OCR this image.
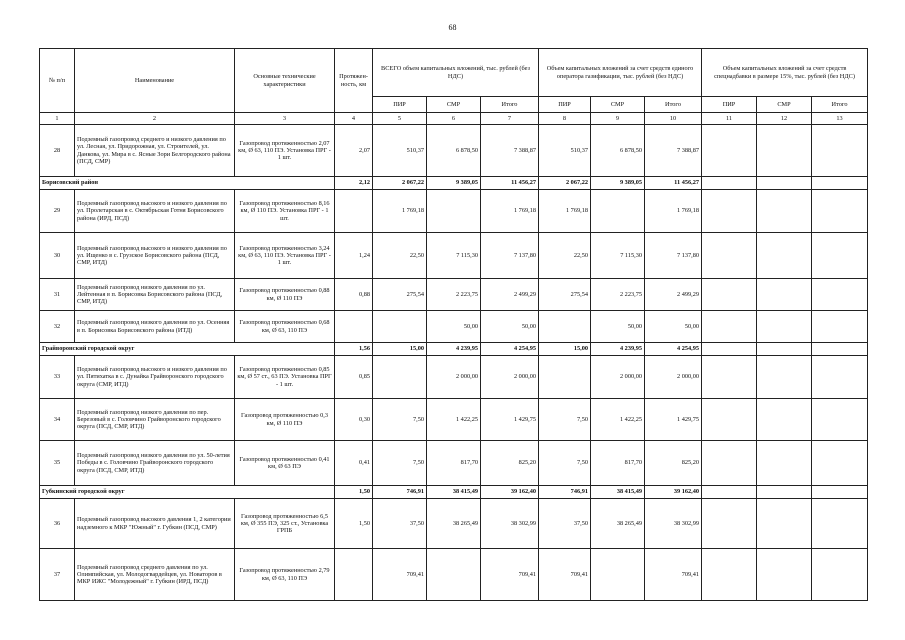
68
№ п/п	Наименование	Основные технические характеристики	Протяжен-ность, км	ВСЕГО объем капитальных вложений, тыс. рублей (без НДС)			Объем капитальных вложений за счет средств единого оператора газификации, тыс. рублей (без НДС)			Объем капитальных вложений за счет средств спецнадбавки в размере 15%, тыс. рублей (без НДС)		
				ПИР	СМР	Итого	ПИР	СМР	Итого	ПИР	СМР	Итого
1	2	3	4	5	6	7	8	9	10	11	12	13
28	Подземный газопровод среднего и низкого давления по ул. Лесная, ул. Придорожная, ул. Строителей, ул. Данкова, ул. Мира в с. Ясные Зори Белгородского района (ПСД, СМР)	Газопровод протяженностью 2,07 км, Ø 63, 110 ПЭ. Установка ПРГ - 1 шт.	2,07	510,37	6 878,50	7 388,87	510,37	6 878,50	7 388,87			
Борисовский район			2,12	2 067,22	9 389,05	11 456,27	2 067,22	9 389,05	11 456,27			
29	Подземный газопровод высокого и низкого давления по ул. Пролетарская в с. Октябрьская Готня Борисовского района (ИРД, ПСД)	Газопровод протяженностью 8,16 км, Ø 110 ПЭ. Установка ПРГ - 1 шт.		1 769,18		1 769,18	1 769,18		1 769,18			
30	Подземный газопровод высокого и низкого давления по ул. Ищенко в с. Грузское Борисовского района (ПСД, СМР, ИТД)	Газопровод протяженностью 3,24 км, Ø 63, 110 ПЭ. Установка ПРГ - 1 шт.	1,24	22,50	7 115,30	7 137,80	22,50	7 115,30	7 137,80			
31	Подземный газопровод низкого давления по ул. Лейтенная в п. Борисовка Борисовского района (ПСД, СМР, ИТД)	Газопровод протяженностью 0,88 км, Ø 110 ПЭ	0,88	275,54	2 223,75	2 499,29	275,54	2 223,75	2 499,29			
32	Подземный газопровод низкого давления по ул. Осенняя в п. Борисовка Борисовского района (ИТД)	Газопровод протяженностью 0,68 км, Ø 63, 110 ПЭ			50,00	50,00		50,00	50,00			
Грайворонский городской округ			1,56	15,00	4 239,95	4 254,95	15,00	4 239,95	4 254,95			
33	Подземный газопровод высокого и низкого давления по ул. Пятихатка в с. Дунайка Грайворонского городского округа (СМР, ИТД)	Газопровод протяженностью 0,85 км, Ø 57 ст., 63 ПЭ. Установка ПРГ - 1 шт.	0,85		2 000,00	2 000,00		2 000,00	2 000,00			
34	Подземный газопровод низкого давления по пер. Березовый в с. Головчино Грайворонского городского округа (ПСД, СМР, ИТД)	Газопровод протяженностью 0,3 км, Ø 110 ПЭ	0,30	7,50	1 422,25	1 429,75	7,50	1 422,25	1 429,75			
35	Подземный газопровод низкого давления по ул. 50-летия Победы в с. Головчино Грайворонского городского округа (ПСД, СМР, ИТД)	Газопровод протяженностью 0,41 км, Ø 63 ПЭ	0,41	7,50	817,70	825,20	7,50	817,70	825,20			
Губкинский городской округ			1,50	746,91	38 415,49	39 162,40	746,91	38 415,49	39 162,40			
36	Подземный газопровод высокого давления 1, 2 категории надземного к МКР "Южный" г. Губкин (ПСД, СМР)	Газопровод протяженностью 6,5 км, Ø 355 ПЭ, 325 ст., Установка ГРПБ	1,50	37,50	38 265,49	38 302,99	37,50	38 265,49	38 302,99			
37	Подземный газопровод среднего давления по ул. Олимпийская, ул. Молодогвардейцев, ул. Новаторов в МКР ИЖС "Молодежный" г. Губкин (ИРД, ПСД)	Газопровод протяженностью 2,79 км, Ø 63, 110 ПЭ		709,41		709,41	709,41		709,41			
